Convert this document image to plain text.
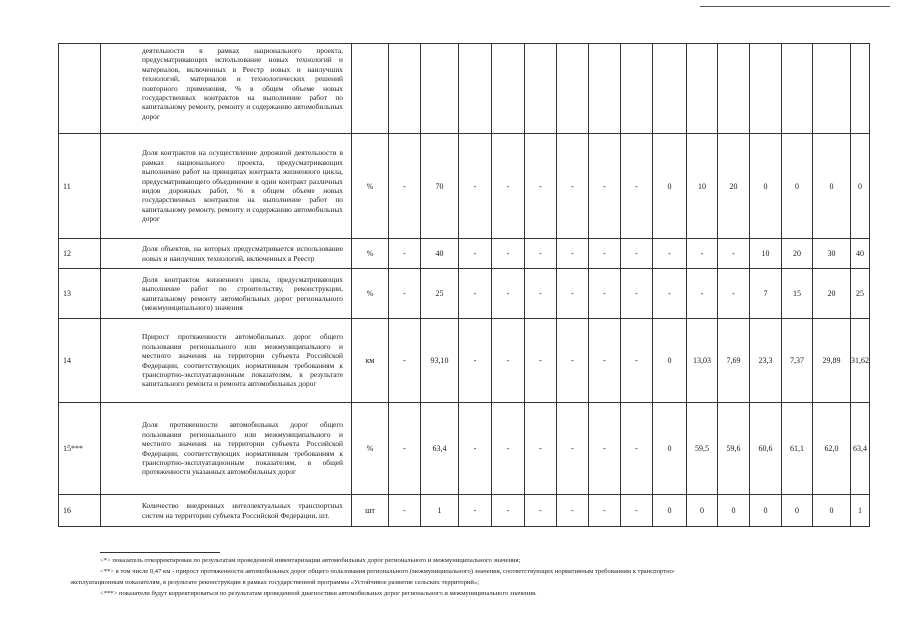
	деятельности в рамках национального проекта, предусматривающих использование новых технологий и материалов, включенных в Реестр новых и наилучших технологий, материалов и технологических решений повторного применения, % в общем объеме новых государственных контрактов на выполнение работ по капитальному ремонту, ремонту и содержанию автомобильных дорог																
11	Доля контрактов на осуществление дорожной деятельности в рамках национального проекта, предусматривающих выполнение работ на принципах контракта жизненного цикла, предусматривающего объединение в один контракт различных видов дорожных работ, % в общем объеме новых государственных контрактов на выполнение работ по капитальному ремонту, ремонту и содержанию автомобильных дорог	%	-	70	-	-	-	-	-	-	0	10	20	0	0	0	0
12	Доля объектов, на которых предусматривается использование новых и наилучших технологий, включенных в Реестр	%	-	40	-	-	-	-	-	-	-	-	-	10	20	30	40
13	Доля контрактов жизненного цикла, предусматривающих выполнение работ по строительству, реконструкции, капитальному ремонту автомобильных дорог регионального (межмуниципального) значения	%	-	25	-	-	-	-	-	-	-	-	-	7	15	20	25
14	Прирост протяженности автомобильных дорог общего пользования регионального или межмуниципального и местного значения на территории субъекта Российской Федерации, соответствующих нормативным требованиям к транспортно-эксплуатационным показателям, в результате капитального ремонта и ремонта автомобильных дорог	км	-	93,10	-	-	-	-	-	-	0	13,03	7,69	23,3	7,37	29,89	31,62
15***	Доля протяженности автомобильных дорог общего пользования регионального или межмуниципального и местного значения на территории субъекта Российской Федерации, соответствующих нормативным требованиям к транспортно-эксплуатационным показателям, в общей протяженности указанных автомобильных дорог	%	-	63,4	-	-	-	-	-	-	0	59,5	59,6	60,6	61,1	62,0	63,4
16	Количество внедренных интеллектуальных транспортных систем на территории субъекта Российской Федерации, шт.	шт	-	1	-	-	-	-	-	-	0	0	0	0	0	0	1
<*> показатель откорректирован по результатам проведенной инвентаризации автомобильных дорог регионального и межмуниципального значения;
<**> в том числе 0,47 км - прирост протяженности автомобильных дорог общего пользования регионального (межмуниципального) значения, соответствующих нормативным требованиям к транспортно-
эксплуатационным показателям, в результате реконструкции в рамках государственной программы «Устойчивое развитие сельских территорий»;
<***> показатели будут корректироваться по результатам проведенной диагностики автомобильных дорог регионального и межмуниципального значения.
